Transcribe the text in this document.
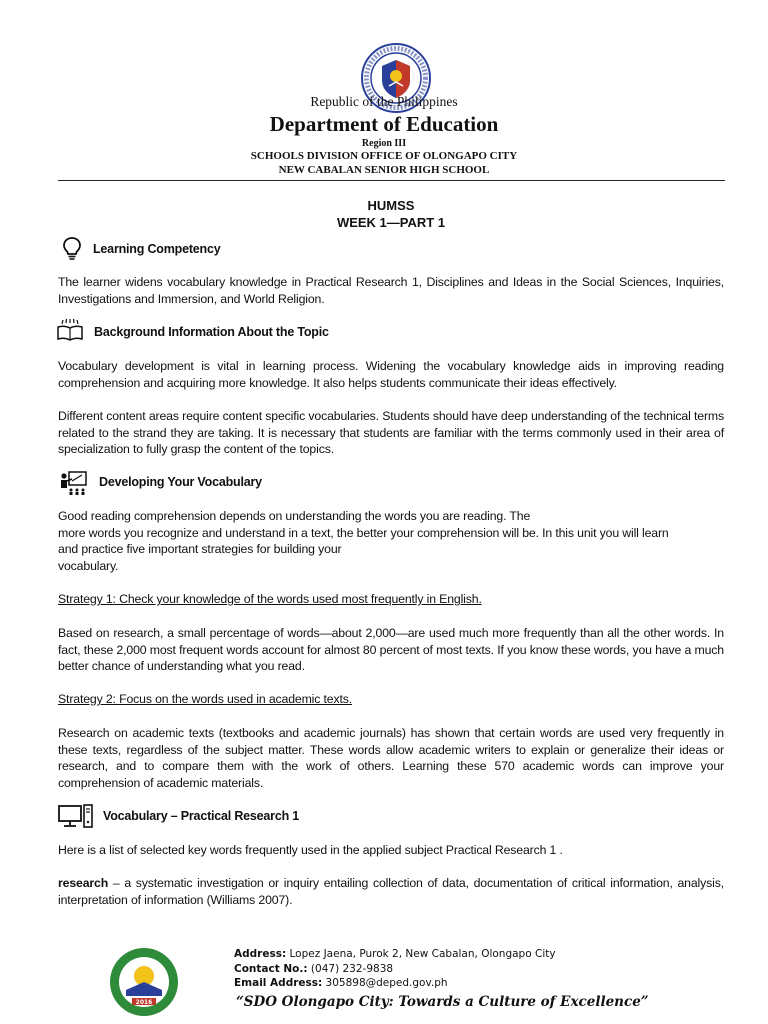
Republic of the Philippines
Department of Education
Region III
SCHOOLS DIVISION OFFICE OF OLONGAPO CITY
NEW CABALAN SENIOR HIGH SCHOOL
HUMSS
WEEK 1—PART 1
Learning Competency
The learner widens vocabulary knowledge in Practical Research 1, Disciplines and Ideas in the Social Sciences, Inquiries, Investigations and Immersion, and World Religion.
Background Information About the Topic
Vocabulary development is vital in learning process. Widening the vocabulary knowledge aids in improving reading comprehension and acquiring more knowledge. It also helps students communicate their ideas effectively.
Different content areas require content specific vocabularies. Students should have deep understanding of the technical terms related to the strand they are taking. It is necessary that students are familiar with the terms commonly used in their area of specialization to fully grasp the content of the topics.
Developing Your Vocabulary
Good reading comprehension depends on understanding the words you are reading. The
more words you recognize and understand in a text, the better your comprehension will be. In this unit you will learn
and practice five important strategies for building your
vocabulary.
Strategy 1: Check your knowledge of the words used most frequently in English.
Based on research, a small percentage of words—about 2,000—are used much more frequently than all the other words. In fact, these 2,000 most frequent words account for almost 80 percent of most texts. If you know these words, you have a much better chance of understanding what you read.
Strategy 2: Focus on the words used in academic texts.
Research on academic texts (textbooks and academic journals) has shown that certain words are used very frequently in these texts, regardless of the subject matter. These words allow academic writers to explain or generalize their ideas or research, and to compare them with the work of others. Learning these 570 academic words can improve your comprehension of academic materials.
Vocabulary – Practical Research 1
Here is a list of selected key words frequently used in the applied subject Practical Research 1 .
research – a systematic investigation or inquiry entailing collection of data, documentation of critical information, analysis, interpretation of information (Williams 2007).
2016
Address: Lopez Jaena, Purok 2, New Cabalan, Olongapo City
Contact No.: (047) 232-9838
Email Address: 305898@deped.gov.ph
“SDO Olongapo City: Towards a Culture of Excellence”
